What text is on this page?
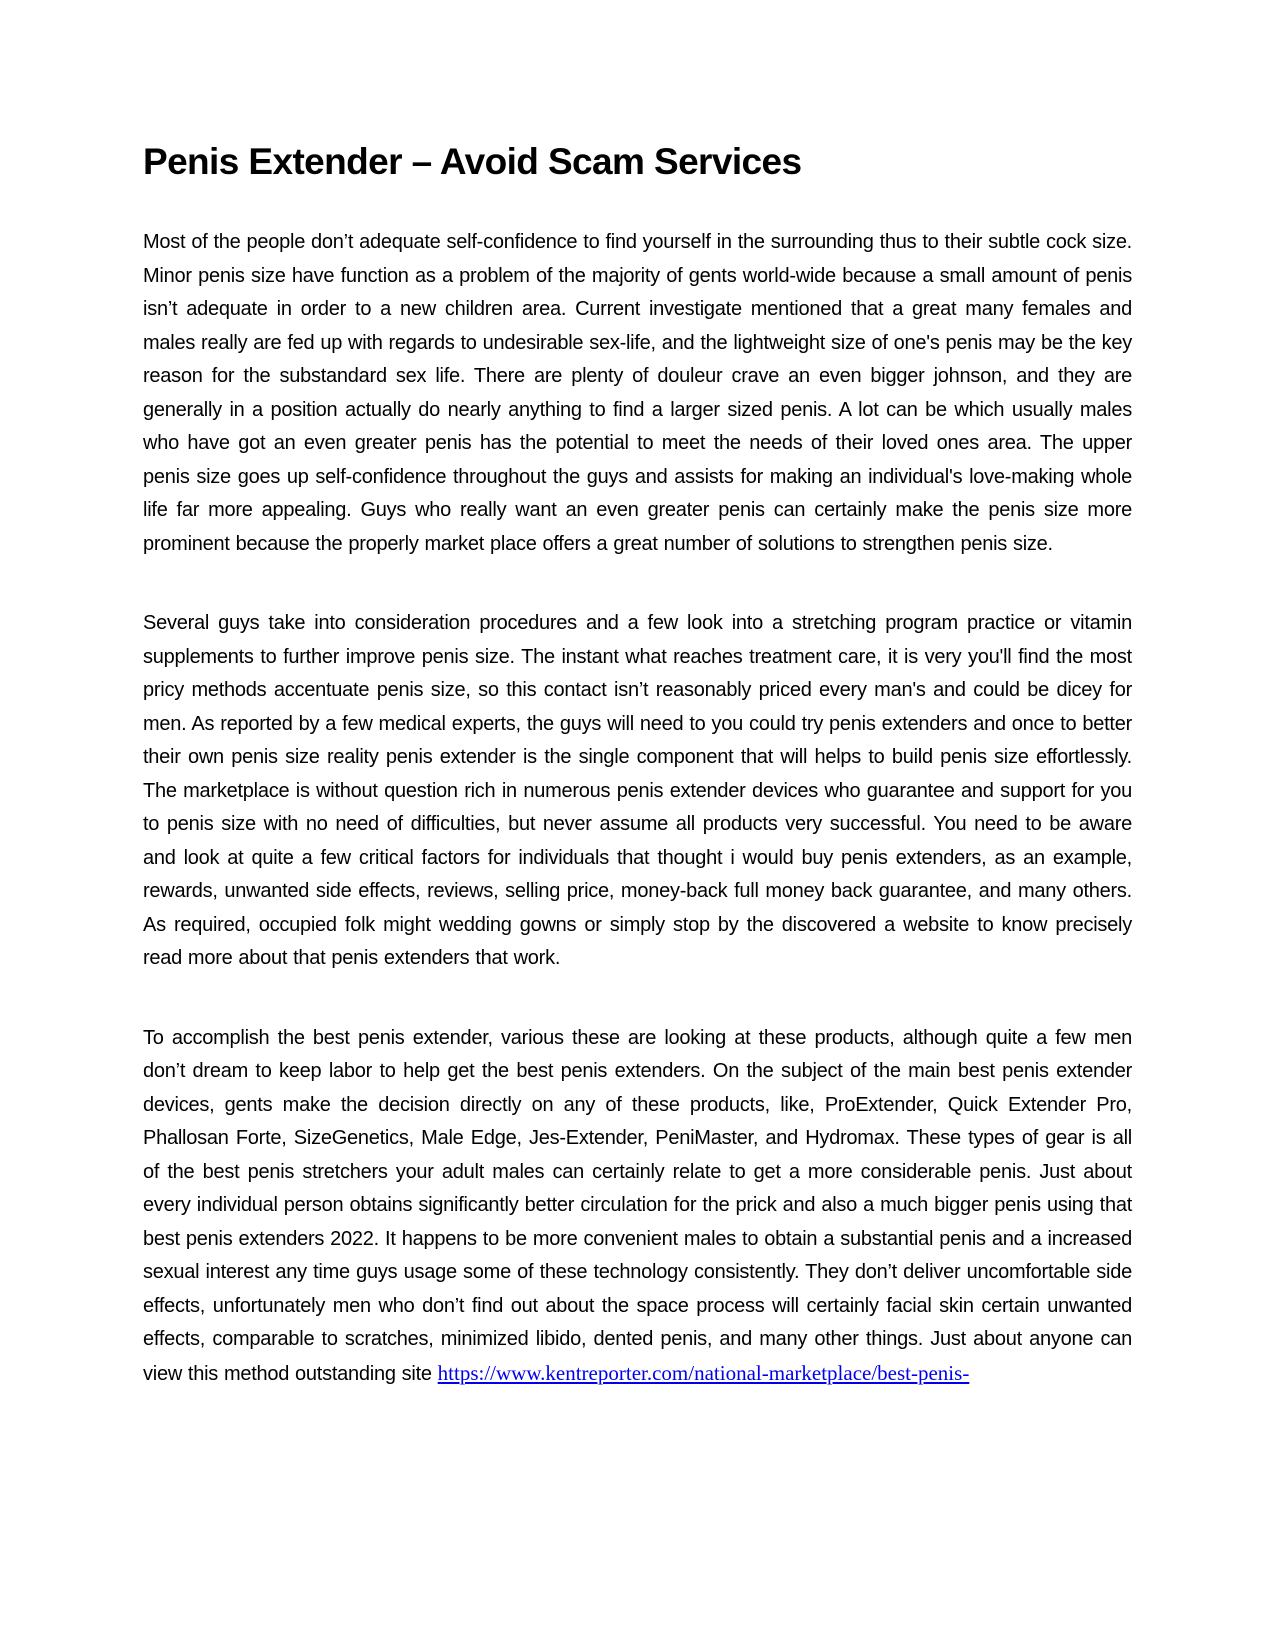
Penis Extender – Avoid Scam Services

Most of the people don’t adequate self-confidence to find yourself in the surrounding thus to their subtle cock size. Minor penis size have function as a problem of the majority of gents world-wide because a small amount of penis isn’t adequate in order to a new children area. Current investigate mentioned that a great many females and males really are fed up with regards to undesirable sex-life, and the lightweight size of one's penis may be the key reason for the substandard sex life. There are plenty of douleur crave an even bigger johnson, and they are generally in a position actually do nearly anything to find a larger sized penis. A lot can be which usually males who have got an even greater penis has the potential to meet the needs of their loved ones area. The upper penis size goes up self-confidence throughout the guys and assists for making an individual's love-making whole life far more appealing. Guys who really want an even greater penis can certainly make the penis size more prominent because the properly market place offers a great number of solutions to strengthen penis size.

Several guys take into consideration procedures and a few look into a stretching program practice or vitamin supplements to further improve penis size. The instant what reaches treatment care, it is very you'll find the most pricy methods accentuate penis size, so this contact isn’t reasonably priced every man's and could be dicey for men. As reported by a few medical experts, the guys will need to you could try penis extenders and once to better their own penis size reality penis extender is the single component that will helps to build penis size effortlessly. The marketplace is without question rich in numerous penis extender devices who guarantee and support for you to penis size with no need of difficulties, but never assume all products very successful. You need to be aware and look at quite a few critical factors for individuals that thought i would buy penis extenders, as an example, rewards, unwanted side effects, reviews, selling price, money-back full money back guarantee, and many others. As required, occupied folk might wedding gowns or simply stop by the discovered a website to know precisely read more about that penis extenders that work.

To accomplish the best penis extender, various these are looking at these products, although quite a few men don’t dream to keep labor to help get the best penis extenders. On the subject of the main best penis extender devices, gents make the decision directly on any of these products, like, ProExtender, Quick Extender Pro, Phallosan Forte, SizeGenetics, Male Edge, Jes-Extender, PeniMaster, and Hydromax. These types of gear is all of the best penis stretchers your adult males can certainly relate to get a more considerable penis. Just about every individual person obtains significantly better circulation for the prick and also a much bigger penis using that best penis extenders 2022. It happens to be more convenient males to obtain a substantial penis and a increased sexual interest any time guys usage some of these technology consistently. They don’t deliver uncomfortable side effects, unfortunately men who don’t find out about the space process will certainly facial skin certain unwanted effects, comparable to scratches, minimized libido, dented penis, and many other things. Just about anyone can view this method outstanding site https://www.kentreporter.com/national-marketplace/best-penis-
